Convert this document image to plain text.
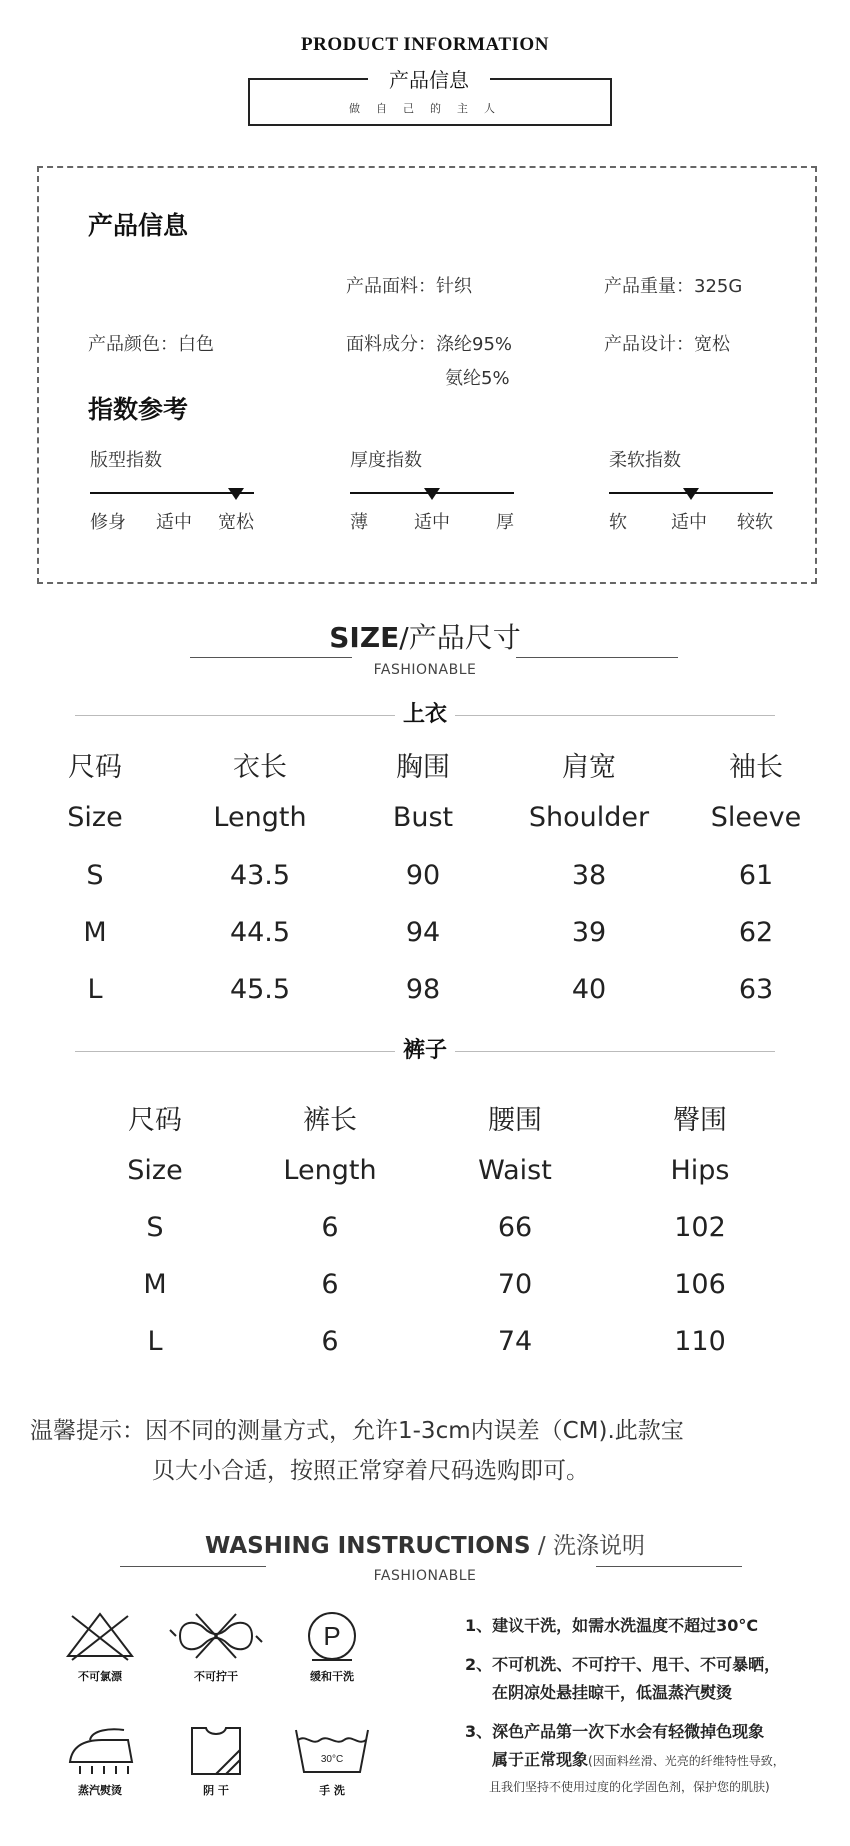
PRODUCT INFORMATION
产品信息
做自己的主人
产品信息
产品面料：针织	产品重量：325G
产品颜色：白色	面料成分：涤纶95%
氨纶5%
产品设计：宽松
指数参考
版型指数
修身 适中 宽松
厚度指数
薄	适中	厚
柔软指数
软 适中 较软
SIZE/产品尺寸
FASHIONABLE
上衣
尺码	衣长	胸围	肩宽	袖长
Size	Length	Bust	Shoulder	Sleeve
S	43.5	90	38	61
M	44.5	94	39	62
L	45.5	98	40	63
裤子
尺码	裤长	腰围	臀围
Size	Length	Waist	Hips
S	6	66	102
M	6	70	106
L	6	74	110
温馨提示：因不同的测量方式，允许1-3cm内误差（CM).此款宝
贝大小合适，按照正常穿着尺码选购即可。
WASHING INSTRUCTIONS / 洗涤说明
FASHIONABLE
不可氯漂	不可拧干
P
缓和干洗
蒸汽熨烫	阴 干
30°C
手 洗
1、建议干洗，如需水洗温度不超过30°C
2、不可机洗、不可拧干、甩干、不可暴晒，
在阴凉处悬挂晾干，低温蒸汽熨烫
3、深色产品第一次下水会有轻微掉色现象
属于正常现象(因面料丝滑、光亮的纤维特性导致，
且我们坚持不使用过度的化学固色剂，保护您的肌肤)
